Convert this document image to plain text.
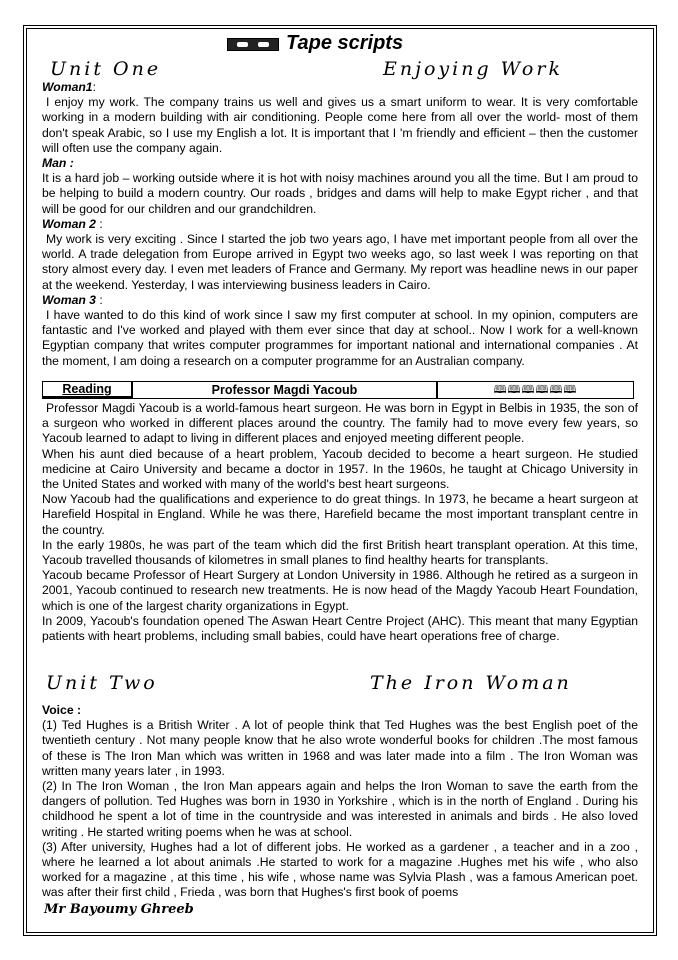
Tape scripts
Unit One	Enjoying Work

Woman1:

I enjoy my work. The company trains us well and gives us a smart uniform to wear. It is very comfortable working in a modern building with air conditioning. People come here from all over the world- most of them don't speak Arabic, so I use my English a lot. It is important that I 'm friendly and efficient – then the customer will often use the company again.

Man :

It is a hard job – working outside where it is hot with noisy machines around you all the time. But I am proud to be helping to build a modern country. Our roads , bridges and dams will help to make Egypt richer , and that will be good for our children and our grandchildren.

Woman 2 :

My work is very exciting . Since I started the job two years ago, I have met important people from all over the world. A trade delegation from Europe arrived in Egypt two weeks ago, so last week I was reporting on that story almost every day. I even met leaders of France and Germany. My report was headline news in our paper at the weekend. Yesterday, I was interviewing business leaders in Cairo.

Woman 3 :

I have wanted to do this kind of work since I saw my first computer at school. In my opinion, computers are fantastic and I've worked and played with them ever since that day at school.. Now I work for a well-known Egyptian company that writes computer programmes for important national and international companies . At the moment, I am doing a research on a computer programme for an Australian company.

Reading	Professor Magdi Yacoub	🕮🕮🕮🕮🕮🕮

Professor Magdi Yacoub is a world-famous heart surgeon. He was born in Egypt in Belbis in 1935, the son of a surgeon who worked in different places around the country. The family had to move every few years, so Yacoub learned to adapt to living in different places and enjoyed meeting different people.

When his aunt died because of a heart problem, Yacoub decided to become a heart surgeon. He studied medicine at Cairo University and became a doctor in 1957. In the 1960s, he taught at Chicago University in the United States and worked with many of the world's best heart surgeons.

Now Yacoub had the qualifications and experience to do great things. In 1973, he became a heart surgeon at Harefield Hospital in England. While he was there, Harefield became the most important transplant centre in the country.

In the early 1980s, he was part of the team which did the first British heart transplant operation. At this time, Yacoub travelled thousands of kilometres in small planes to find healthy hearts for transplants.

Yacoub became Professor of Heart Surgery at London University in 1986. Although he retired as a surgeon in 2001, Yacoub continued to research new treatments. He is now head of the Magdy Yacoub Heart Foundation, which is one of the largest charity organizations in Egypt.

In 2009, Yacoub's foundation opened The Aswan Heart Centre Project (AHC). This meant that many Egyptian patients with heart problems, including small babies, could have heart operations free of charge.

Unit Two	The Iron Woman

Voice :

(1) Ted Hughes is a British Writer . A lot of people think that Ted Hughes was the best English poet of the twentieth century . Not many people know that he also wrote wonderful books for children .The most famous of these is The Iron Man which was written in 1968 and was later made into a film . The Iron Woman was written many years later , in 1993.

(2) In The Iron Woman , the Iron Man appears again and helps the Iron Woman to save the earth from the dangers of pollution. Ted Hughes was born in 1930 in Yorkshire , which is in the north of England . During his childhood he spent a lot of time in the countryside and was interested in animals and birds . He also loved writing . He started writing poems when he was at school.

(3) After university, Hughes had a lot of different jobs. He worked as a gardener , a teacher and in a zoo , where he learned a lot about animals .He started to work for a magazine .Hughes met his wife , who also worked for a magazine , at this time , his wife , whose name was Sylvia Plash , was a famous American poet. was after their first child , Frieda , was born that Hughes's first book of poems

Mr Bayoumy Ghreeb
